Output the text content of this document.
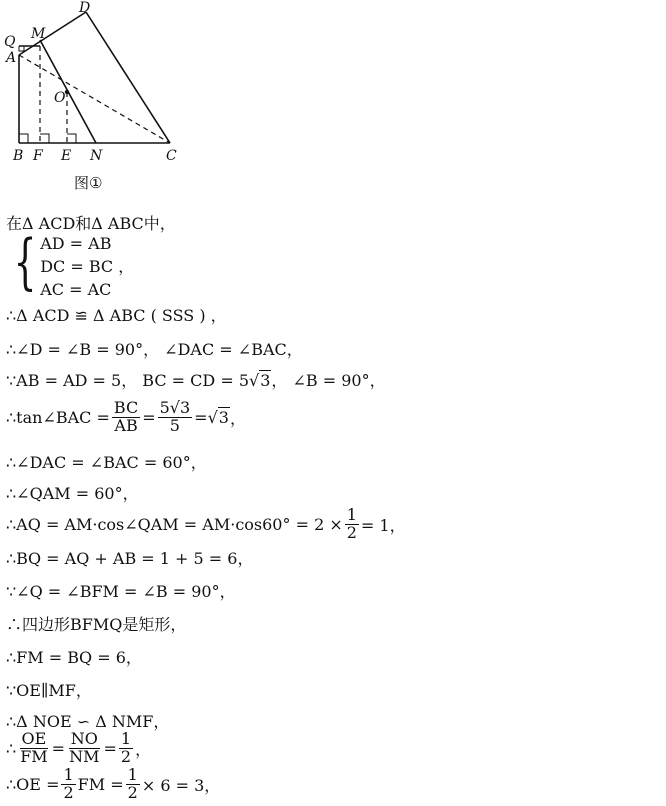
D
M
Q
A
O
B F E N	C
图①
在Δ ACD和Δ ABC中，
{ AD = AB
DC = BC ，
AC = AC
∴Δ ACD ≌ Δ ABC ( SSS ) ，
∴∠D = ∠B = 90°， ∠DAC = ∠BAC，
∵AB = AD = 5， BC = CD = 5 √ 3 ， ∠B = 90°，
∴tan∠BAC = $\frac{BC}{AB} = \frac{5√3}{5}$ = √ 3 ，
∴∠DAC = ∠BAC = 60°，
∴∠QAM = 60°，
∴AQ = AM·cos∠QAM = $AM\cdot\cos 60^\circ = 2 \times \frac{1}{2} = 1$，
∴BQ = AQ + AB = 1 + 5 = 6，
∵∠Q = ∠BFM = ∠B = 90°，
∴四边形BFMQ是矩形，
∴FM = BQ = 6，
∵OE∥MF，
∴Δ NOE ∽ Δ NMF，
∴ $\frac{OE}{FM} = \frac{NO}{NM} = \frac{1}{2}$ ，
∴OE = $\frac{1}{2}$ FM = $\frac{1}{2} \times 6 = 3$，
